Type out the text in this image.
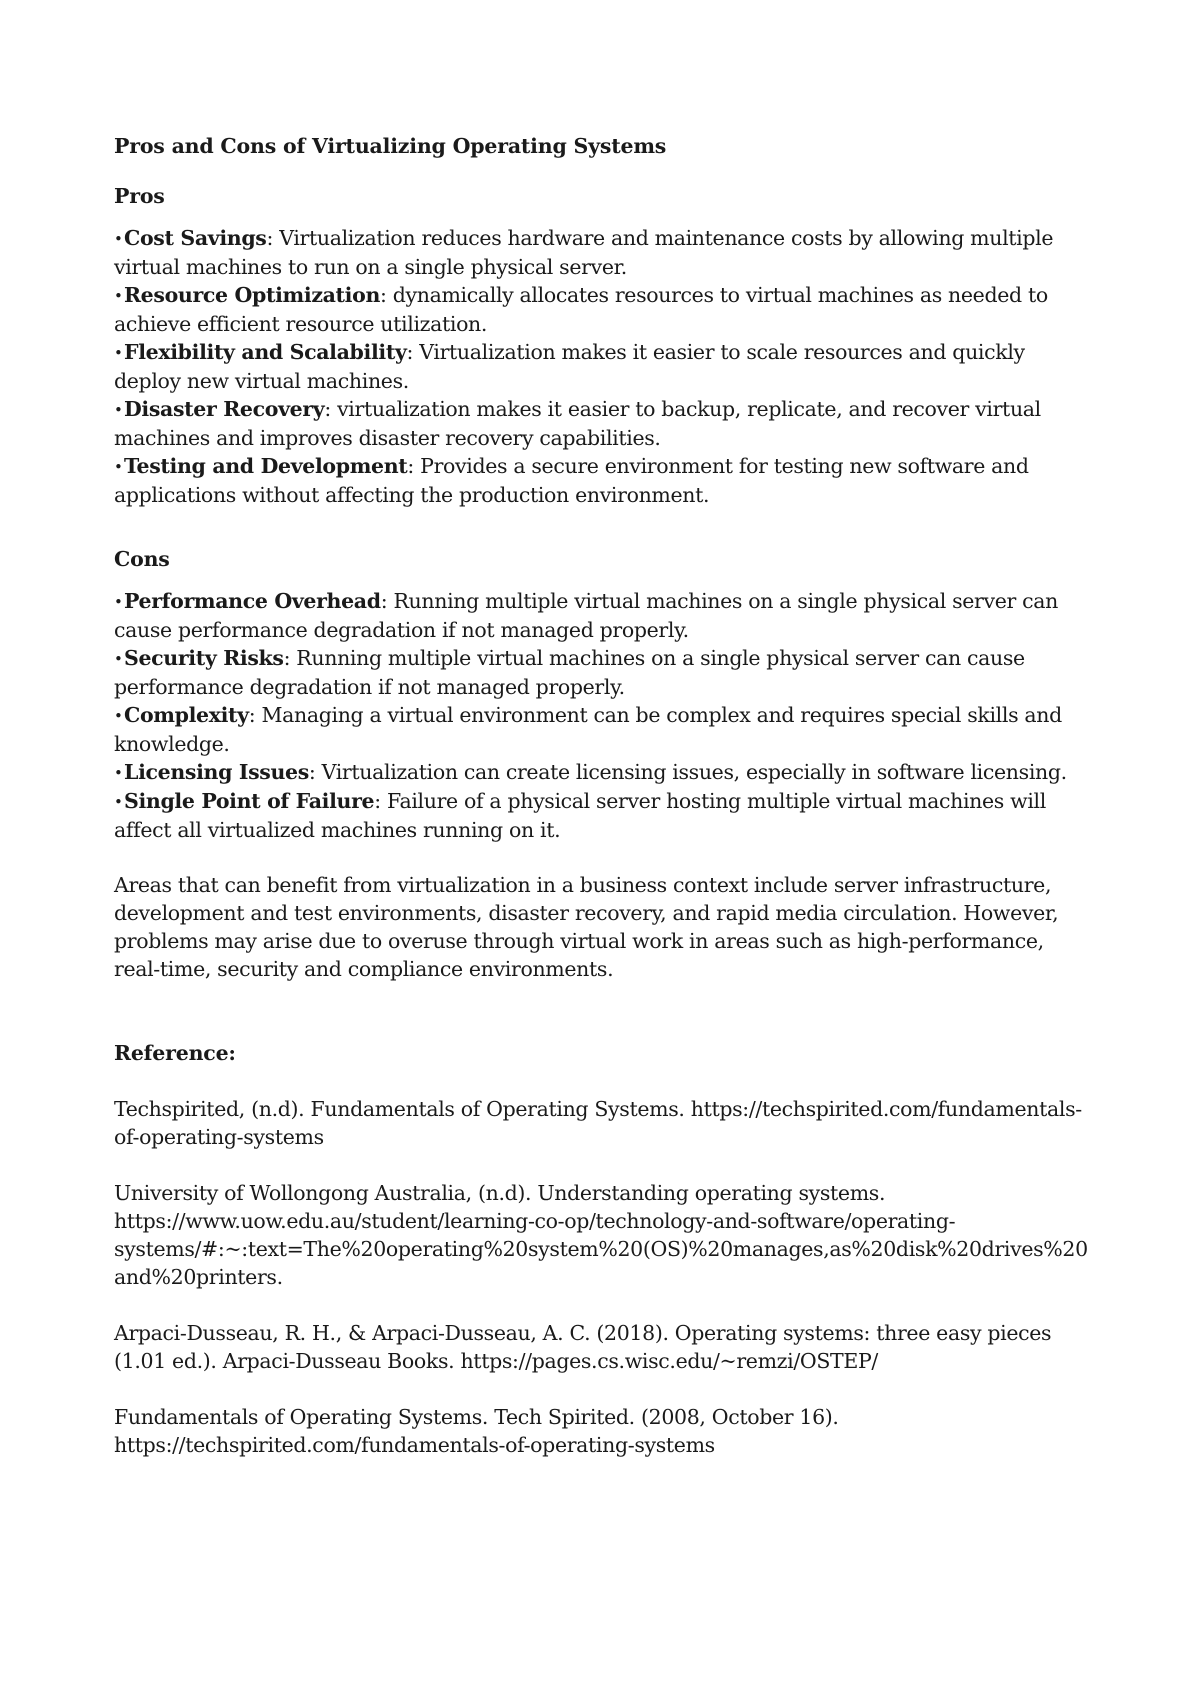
Pros and Cons of Virtualizing Operating Systems

Pros

•Cost Savings: Virtualization reduces hardware and maintenance costs by allowing multiple virtual machines to run on a single physical server.
•Resource Optimization: dynamically allocates resources to virtual machines as needed to achieve efficient resource utilization.
•Flexibility and Scalability: Virtualization makes it easier to scale resources and quickly deploy new virtual machines.
•Disaster Recovery: virtualization makes it easier to backup, replicate, and recover virtual machines and improves disaster recovery capabilities.
•Testing and Development: Provides a secure environment for testing new software and applications without affecting the production environment.

Cons

•Performance Overhead: Running multiple virtual machines on a single physical server can cause performance degradation if not managed properly.
•Security Risks: Running multiple virtual machines on a single physical server can cause performance degradation if not managed properly.
•Complexity: Managing a virtual environment can be complex and requires special skills and knowledge.
•Licensing Issues: Virtualization can create licensing issues, especially in software licensing.
•Single Point of Failure: Failure of a physical server hosting multiple virtual machines will affect all virtualized machines running on it.

Areas that can benefit from virtualization in a business context include server infrastructure, development and test environments, disaster recovery, and rapid media circulation. However, problems may arise due to overuse through virtual work in areas such as high-performance, real-time, security and compliance environments.

Reference:

Techspirited, (n.d). Fundamentals of Operating Systems. https://techspirited.com/fundamentals-of-operating-systems

University of Wollongong Australia, (n.d). Understanding operating systems. https://www.uow.edu.au/student/learning-co-op/technology-and-software/operating-systems/#:~:text=The%20operating%20system%20(OS)%20manages,as%20disk%20drives%20and%20printers.

Arpaci-Dusseau, R. H., & Arpaci-Dusseau, A. C. (2018). Operating systems: three easy pieces (1.01 ed.). Arpaci-Dusseau Books. https://pages.cs.wisc.edu/~remzi/OSTEP/

Fundamentals of Operating Systems. Tech Spirited. (2008, October 16). https://techspirited.com/fundamentals-of-operating-systems
